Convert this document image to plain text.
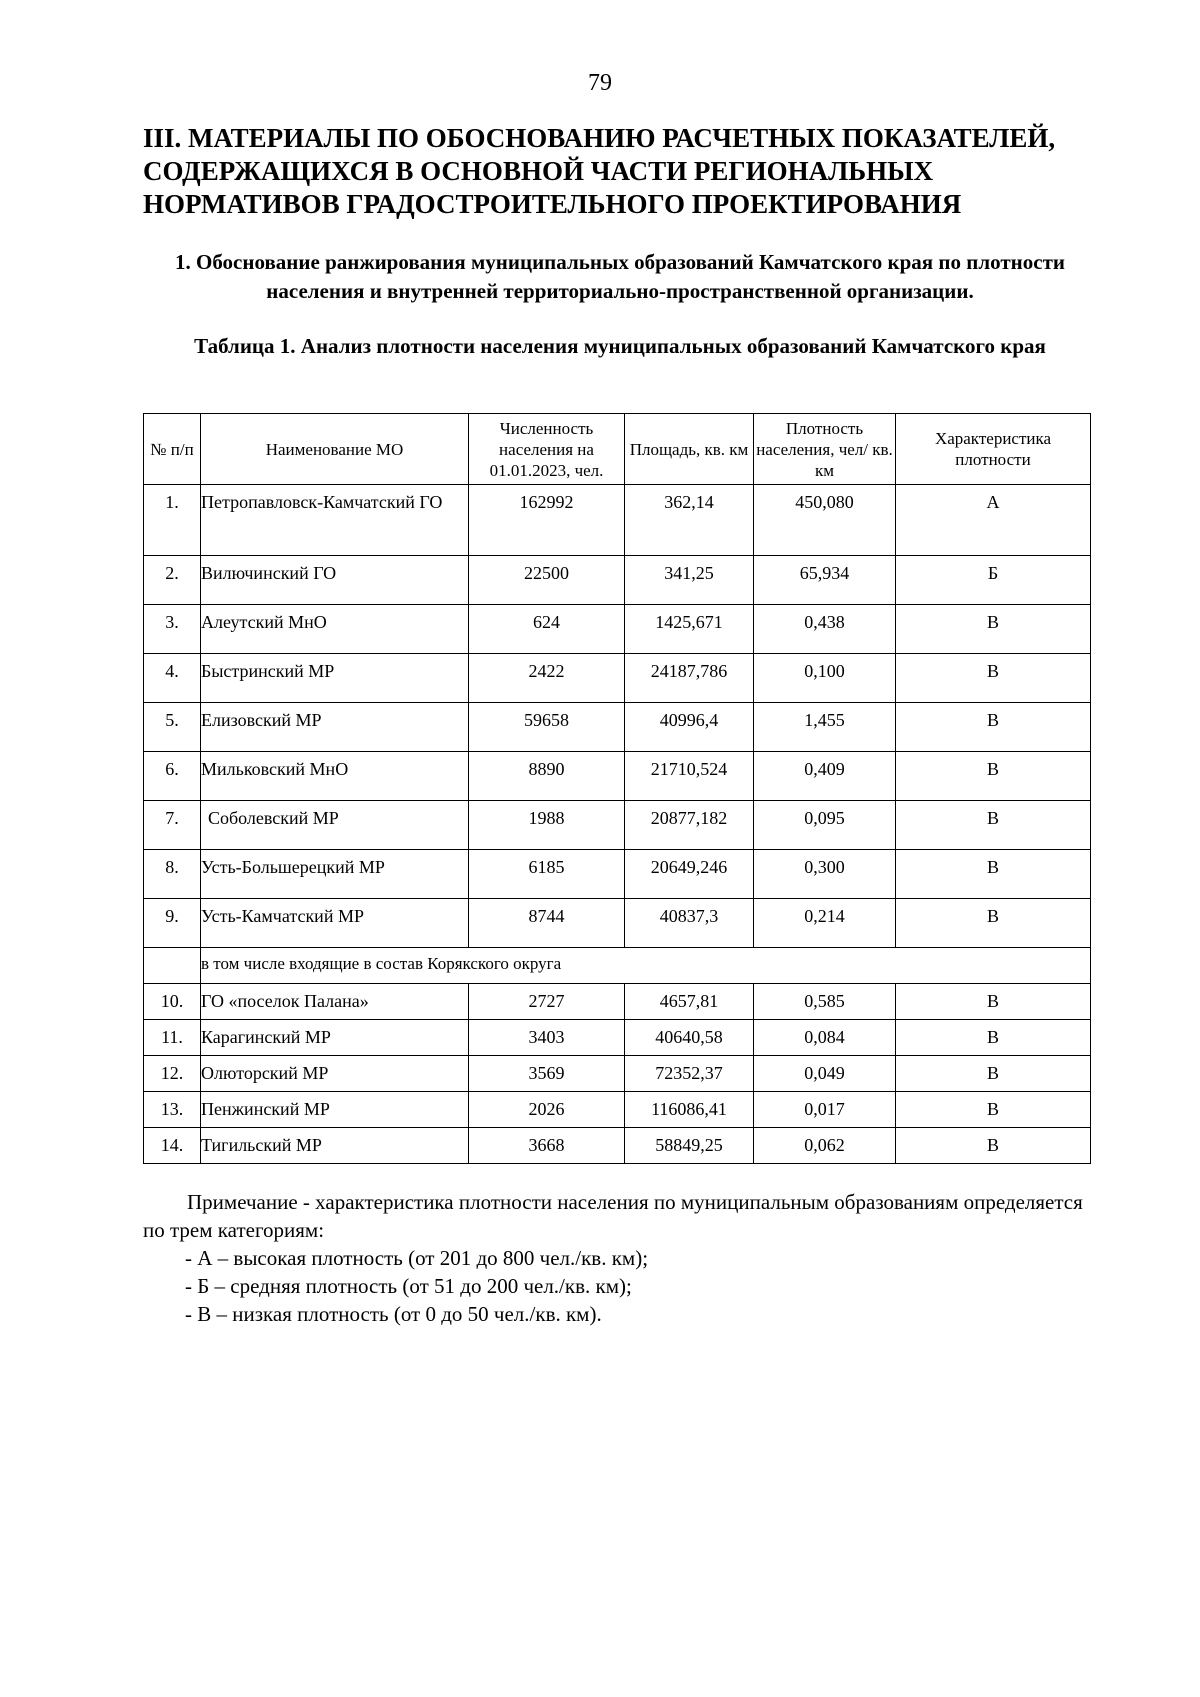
79
III. МАТЕРИАЛЫ ПО ОБОСНОВАНИЮ РАСЧЕТНЫХ ПОКАЗАТЕЛЕЙ, СОДЕРЖАЩИХСЯ В ОСНОВНОЙ ЧАСТИ РЕГИОНАЛЬНЫХ НОРМАТИВОВ ГРАДОСТРОИТЕЛЬНОГО ПРОЕКТИРОВАНИЯ
1. Обоснование ранжирования муниципальных образований Камчатского края по плотности населения и внутренней территориально-пространственной организации.
Таблица 1. Анализ плотности населения муниципальных образований Камчатского края
№ п/п	Наименование МО	Численность населения на 01.01.2023, чел.	Площадь, кв. км	Плотность населения, чел/ кв. км	Характеристика плотности
1.	Петропавловск-Камчатский ГО	162992	362,14	450,080	А
2.	Вилючинский ГО	22500	341,25	65,934	Б
3.	Алеутский МнО	624	1425,671	0,438	В
4.	Быстринский МР	2422	24187,786	0,100	В
5.	Елизовский МР	59658	40996,4	1,455	В
6.	Мильковский МнО	8890	21710,524	0,409	В
7.	Соболевский МР	1988	20877,182	0,095	В
8.	Усть-Большерецкий МР	6185	20649,246	0,300	В
9.	Усть-Камчатский МР	8744	40837,3	0,214	В
	в том числе входящие в состав Корякского округа				
10.	ГО «поселок Палана»	2727	4657,81	0,585	В
11.	Карагинский МР	3403	40640,58	0,084	В
12.	Олюторский МР	3569	72352,37	0,049	В
13.	Пенжинский МР	2026	116086,41	0,017	В
14.	Тигильский МР	3668	58849,25	0,062	В

Примечание - характеристика плотности населения по муниципальным образованиям определяется по трем категориям:

- А – высокая плотность (от 201 до 800 чел./кв. км);

- Б – средняя плотность (от 51 до 200 чел./кв. км);

- В – низкая плотность (от 0 до 50 чел./кв. км).
